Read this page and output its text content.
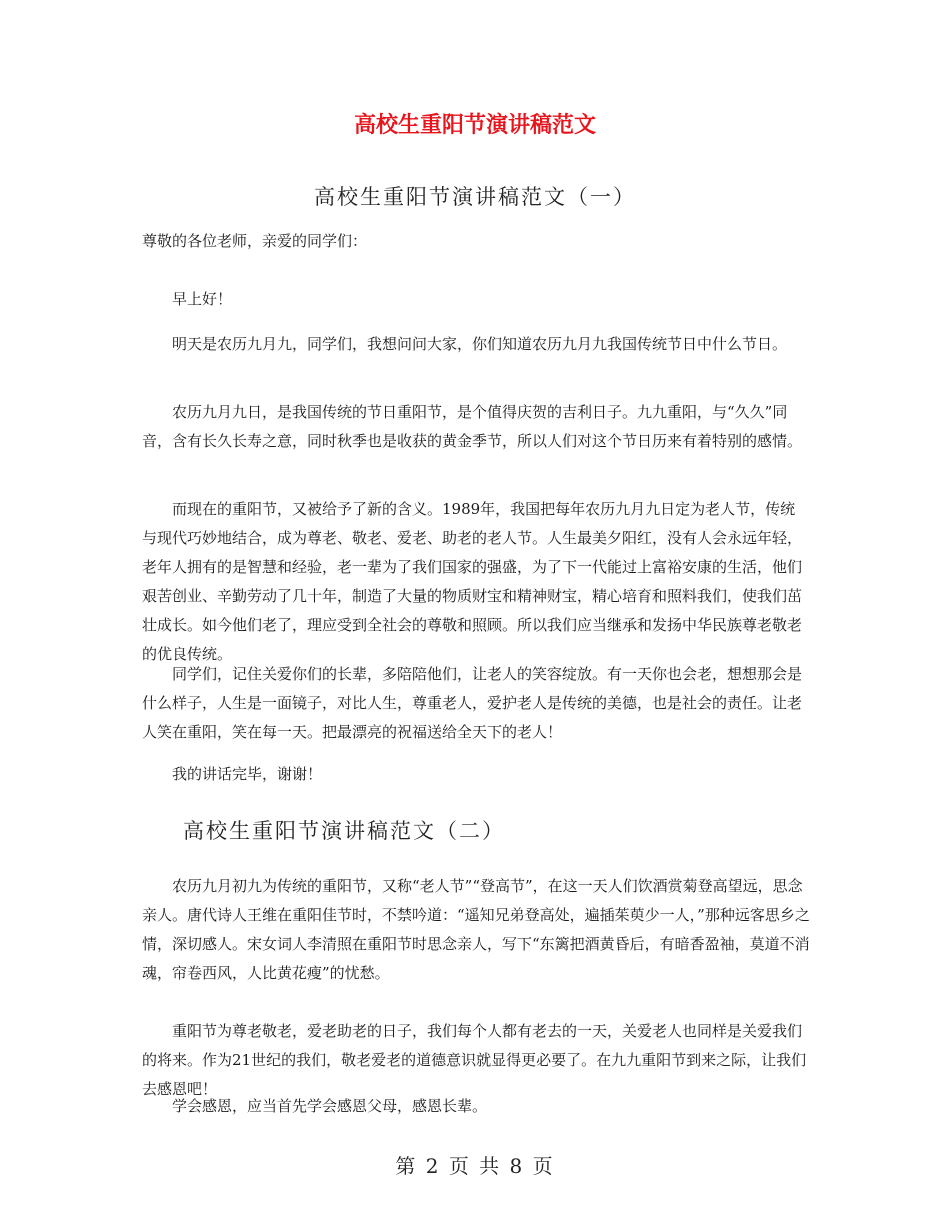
高校生重阳节演讲稿范文
高校生重阳节演讲稿范文（一）

尊敬的各位老师，亲爱的同学们：

早上好！

明天是农历九月九，同学们，我想问问大家，你们知道农历九月九我国传统节日中什么节日。

农历九月九日，是我国传统的节日重阳节，是个值得庆贺的吉利日子。九九重阳，与“久久”同音，含有长久长寿之意，同时秋季也是收获的黄金季节，所以人们对这个节日历来有着特别的感情。

而现在的重阳节，又被给予了新的含义。1989年，我国把每年农历九月九日定为老人节，传统与现代巧妙地结合，成为尊老、敬老、爱老、助老的老人节。人生最美夕阳红，没有人会永远年轻，老年人拥有的是智慧和经验，老一辈为了我们国家的强盛，为了下一代能过上富裕安康的生活，他们艰苦创业、辛勤劳动了几十年，制造了大量的物质财宝和精神财宝，精心培育和照料我们，使我们茁壮成长。如今他们老了，理应受到全社会的尊敬和照顾。所以我们应当继承和发扬中华民族尊老敬老的优良传统。

同学们，记住关爱你们的长辈，多陪陪他们，让老人的笑容绽放。有一天你也会老，想想那会是什么样子，人生是一面镜子，对比人生，尊重老人，爱护老人是传统的美德，也是社会的责任。让老人笑在重阳，笑在每一天。把最漂亮的祝福送给全天下的老人！

我的讲话完毕，谢谢！

高校生重阳节演讲稿范文（二）

农历九月初九为传统的重阳节，又称“老人节”“登高节”，在这一天人们饮酒赏菊登高望远，思念亲人。唐代诗人王维在重阳佳节时，不禁吟道：“遥知兄弟登高处，遍插茱萸少一人，”那种远客思乡之情，深切感人。宋女词人李清照在重阳节时思念亲人，写下“东篱把酒黄昏后，有暗香盈袖，莫道不消魂，帘卷西风，人比黄花瘦”的忧愁。

重阳节为尊老敬老，爱老助老的日子，我们每个人都有老去的一天，关爱老人也同样是关爱我们的将来。作为21世纪的我们，敬老爱老的道德意识就显得更必要了。在九九重阳节到来之际，让我们去感恩吧！

学会感恩，应当首先学会感恩父母，感恩长辈。

第 2 页 共 8 页
